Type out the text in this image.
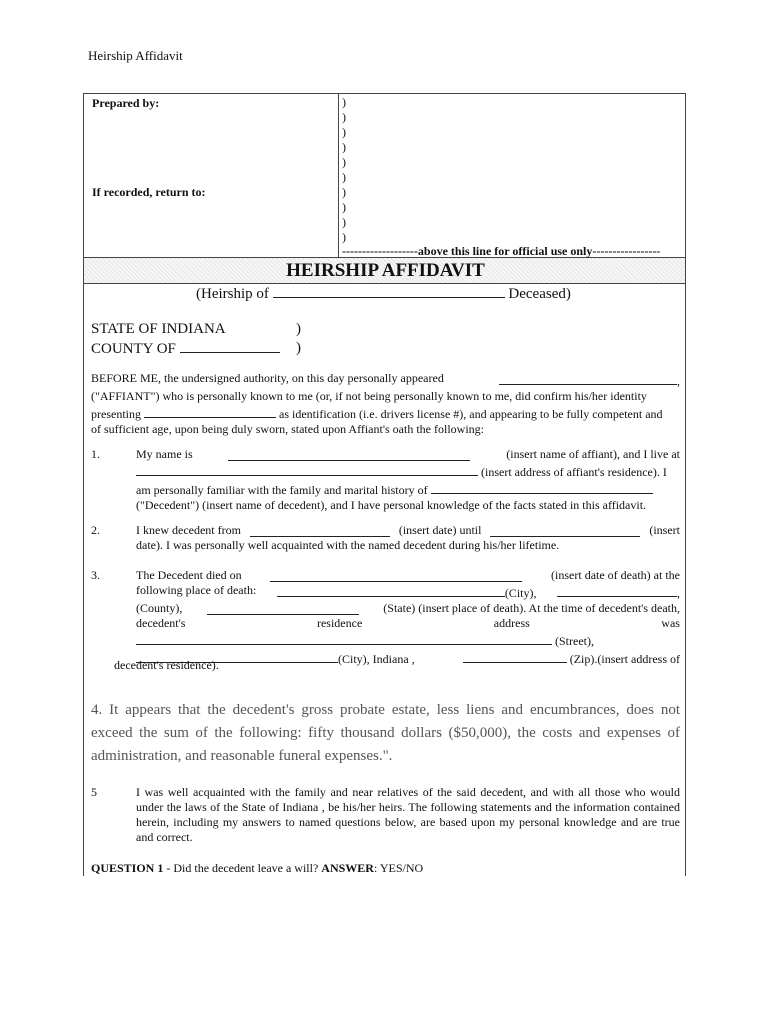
Heirship Affidavit
Prepared by:
If recorded, return to:
)
)
)
)
)
)
)
)
)
)
-------------------above this line for official use only-----------------
HEIRSHIP AFFIDAVIT
(Heirship of	Deceased)
STATE OF INDIANA
COUNTY OF
)
)
BEFORE ME, the undersigned authority, on this day personally appeared	,
("AFFIANT") who is personally known to me (or, if not being personally known to me, did confirm his/her identity
presenting	as identification (i.e. drivers license #), and appearing to be fully competent and
of sufficient age, upon being duly sworn, stated upon Affiant's oath the following:
1.	My name is	(insert name of affiant), and I live at
(insert address of affiant's residence). I
am personally familiar with the family and marital history of
("Decedent") (insert name of decedent), and I have personal knowledge of the facts stated in this affidavit.
2.	I knew decedent from	(insert date) until	(insert
date). I was personally well acquainted with the named decedent during his/her lifetime.
3.	The Decedent died on	(insert date of death) at the
following place of death:	(City),	,
(County),	(State) (insert place of death). At the time of decedent's death,
decedent's	residence	address	was
(Street),
(City), Indiana ,	(Zip).(insert address of
decedent's residence).
4. It appears that the decedent's gross probate estate, less liens and encumbrances, does not exceed the sum of the following: fifty thousand dollars ($50,000), the costs and expenses of administration, and reasonable funeral expenses.".
5	I was well acquainted with the family and near relatives of the said decedent, and with all those who would under the laws of the State of Indiana , be his/her heirs. The following statements and the information contained herein, including my answers to named questions below, are based upon my personal knowledge and are true and correct.
QUESTION 1 - Did the decedent leave a will? ANSWER: YES/NO
